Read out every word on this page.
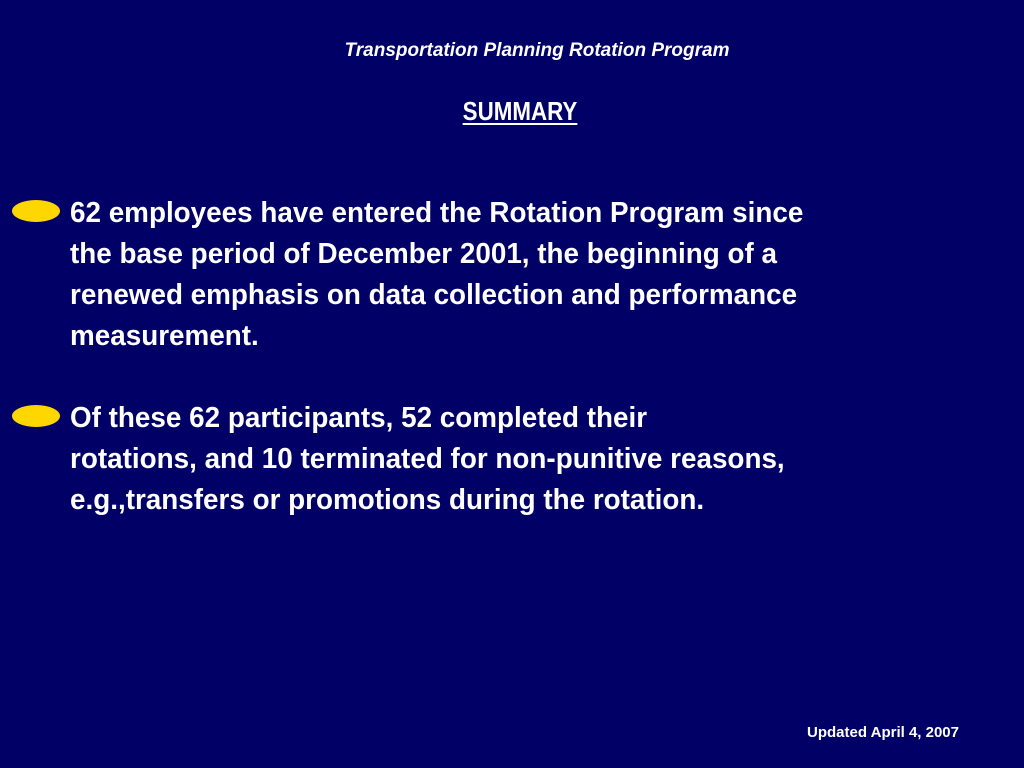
Transportation Planning Rotation Program
SUMMARY
62 employees have entered the Rotation Program since
the base period of December 2001, the beginning of a
renewed emphasis on data collection and performance
measurement.
Of these 62 participants, 52 completed their
rotations, and 10 terminated for non-punitive reasons,
e.g.,transfers or promotions during the rotation.
Updated April 4, 2007
